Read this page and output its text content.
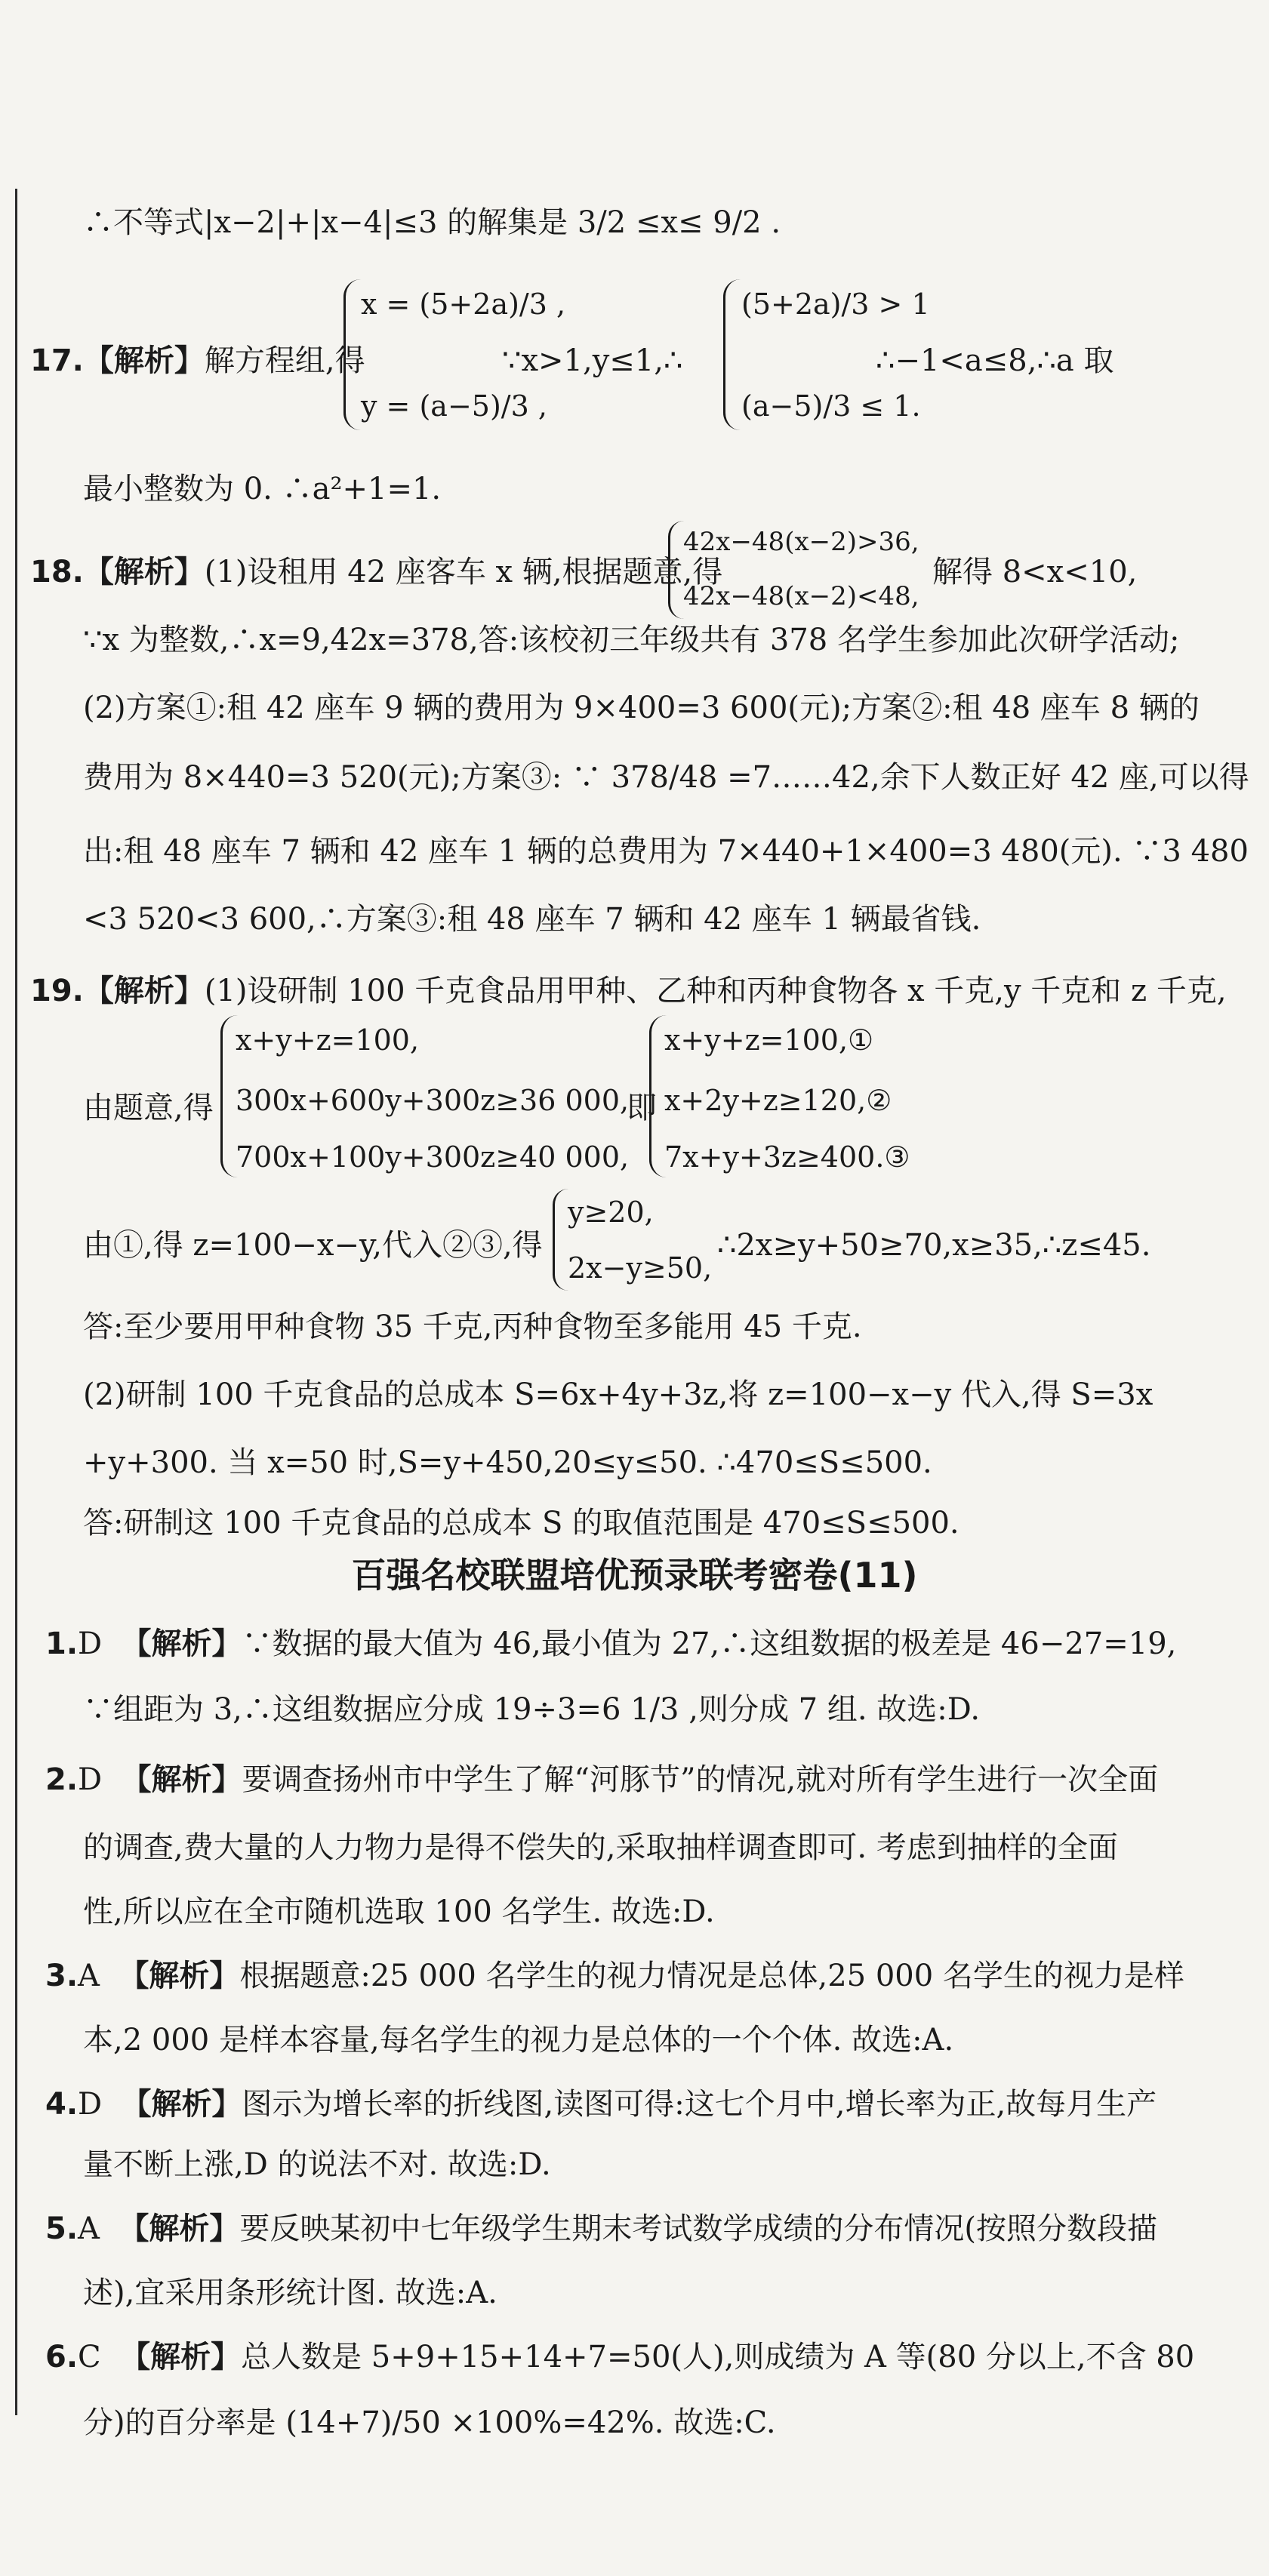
∴不等式|x−2|+|x−4|≤3 的解集是 3/2 ≤x≤ 9/2 .
17.【解析】解方程组,得
x = (5+2a)/3 ,
y = (a−5)/3 ,
∵x>1,y≤1,∴
(5+2a)/3 > 1
(a−5)/3 ≤ 1.
∴−1<a≤8,∴a 取
最小整数为 0. ∴a²+1=1.
18.【解析】(1)设租用 42 座客车 x 辆,根据题意,得
42x−48(x−2)>36,
42x−48(x−2)<48,
解得 8<x<10,
∵x 为整数,∴x=9,42x=378,答:该校初三年级共有 378 名学生参加此次研学活动;
(2)方案①:租 42 座车 9 辆的费用为 9×400=3 600(元);方案②:租 48 座车 8 辆的
费用为 8×440=3 520(元);方案③: ∵ 378/48 =7……42,余下人数正好 42 座,可以得
出:租 48 座车 7 辆和 42 座车 1 辆的总费用为 7×440+1×400=3 480(元). ∵3 480
<3 520<3 600,∴方案③:租 48 座车 7 辆和 42 座车 1 辆最省钱.
19.【解析】(1)设研制 100 千克食品用甲种、乙种和丙种食物各 x 千克,y 千克和 z 千克,
由题意,得
x+y+z=100,
300x+600y+300z≥36 000,
700x+100y+300z≥40 000,
即
x+y+z=100,①
x+2y+z≥120,②
7x+y+3z≥400.③
由①,得 z=100−x−y,代入②③,得
y≥20,
2x−y≥50,
∴2x≥y+50≥70,x≥35,∴z≤45.
答:至少要用甲种食物 35 千克,丙种食物至多能用 45 千克.
(2)研制 100 千克食品的总成本 S=6x+4y+3z,将 z=100−x−y 代入,得 S=3x
+y+300. 当 x=50 时,S=y+450,20≤y≤50. ∴470≤S≤500.
答:研制这 100 千克食品的总成本 S 的取值范围是 470≤S≤500.
百强名校联盟培优预录联考密卷(11)
1.D 【解析】∵数据的最大值为 46,最小值为 27,∴这组数据的极差是 46−27=19,
∵组距为 3,∴这组数据应分成 19÷3=6 1/3 ,则分成 7 组. 故选:D.
2.D 【解析】要调查扬州市中学生了解“河豚节”的情况,就对所有学生进行一次全面
的调查,费大量的人力物力是得不偿失的,采取抽样调查即可. 考虑到抽样的全面
性,所以应在全市随机选取 100 名学生. 故选:D.
3.A 【解析】根据题意:25 000 名学生的视力情况是总体,25 000 名学生的视力是样
本,2 000 是样本容量,每名学生的视力是总体的一个个体. 故选:A.
4.D 【解析】图示为增长率的折线图,读图可得:这七个月中,增长率为正,故每月生产
量不断上涨,D 的说法不对. 故选:D.
5.A 【解析】要反映某初中七年级学生期末考试数学成绩的分布情况(按照分数段描
述),宜采用条形统计图. 故选:A.
6.C 【解析】总人数是 5+9+15+14+7=50(人),则成绩为 A 等(80 分以上,不含 80
分)的百分率是 (14+7)/50 ×100%=42%. 故选:C.
